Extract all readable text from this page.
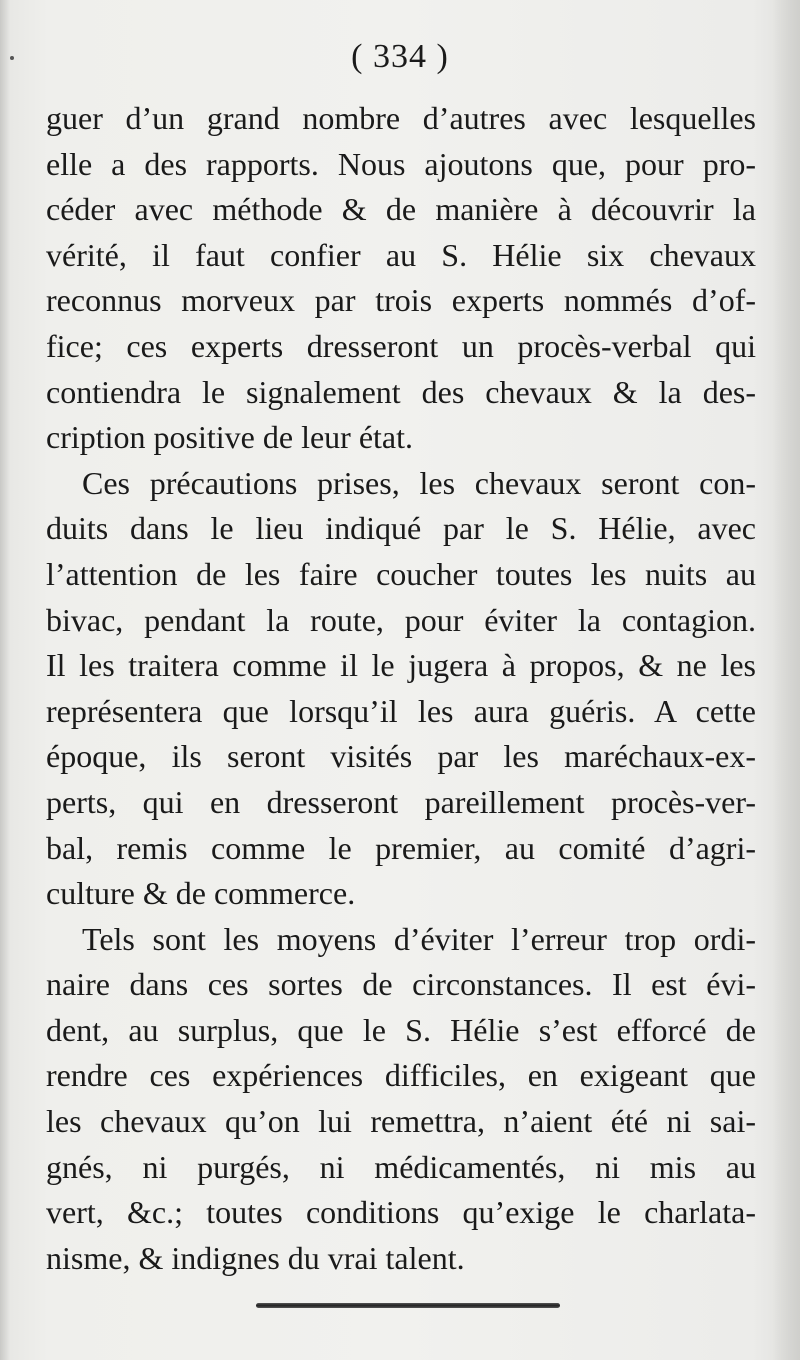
( 334 )
guer d’un grand nombre d’autres avec lesquelles
elle a des rapports. Nous ajoutons que, pour pro-
céder avec méthode & de manière à découvrir la
vérité, il faut confier au S. Hélie six chevaux
reconnus morveux par trois experts nommés d’of-
fice; ces experts dresseront un procès-verbal qui
contiendra le signalement des chevaux & la des-
cription positive de leur état.
Ces précautions prises, les chevaux seront con-
duits dans le lieu indiqué par le S. Hélie, avec
l’attention de les faire coucher toutes les nuits au
bivac, pendant la route, pour éviter la contagion.
Il les traitera comme il le jugera à propos, & ne les
représentera que lorsqu’il les aura guéris. A cette
époque, ils seront visités par les maréchaux-ex-
perts, qui en dresseront pareillement procès-ver-
bal, remis comme le premier, au comité d’agri-
culture & de commerce.
Tels sont les moyens d’éviter l’erreur trop ordi-
naire dans ces sortes de circonstances. Il est évi-
dent, au surplus, que le S. Hélie s’est efforcé de
rendre ces expériences difficiles, en exigeant que
les chevaux qu’on lui remettra, n’aient été ni sai-
gnés, ni purgés, ni médicamentés, ni mis au
vert, &c.; toutes conditions qu’exige le charlata-
nisme, & indignes du vrai talent.
